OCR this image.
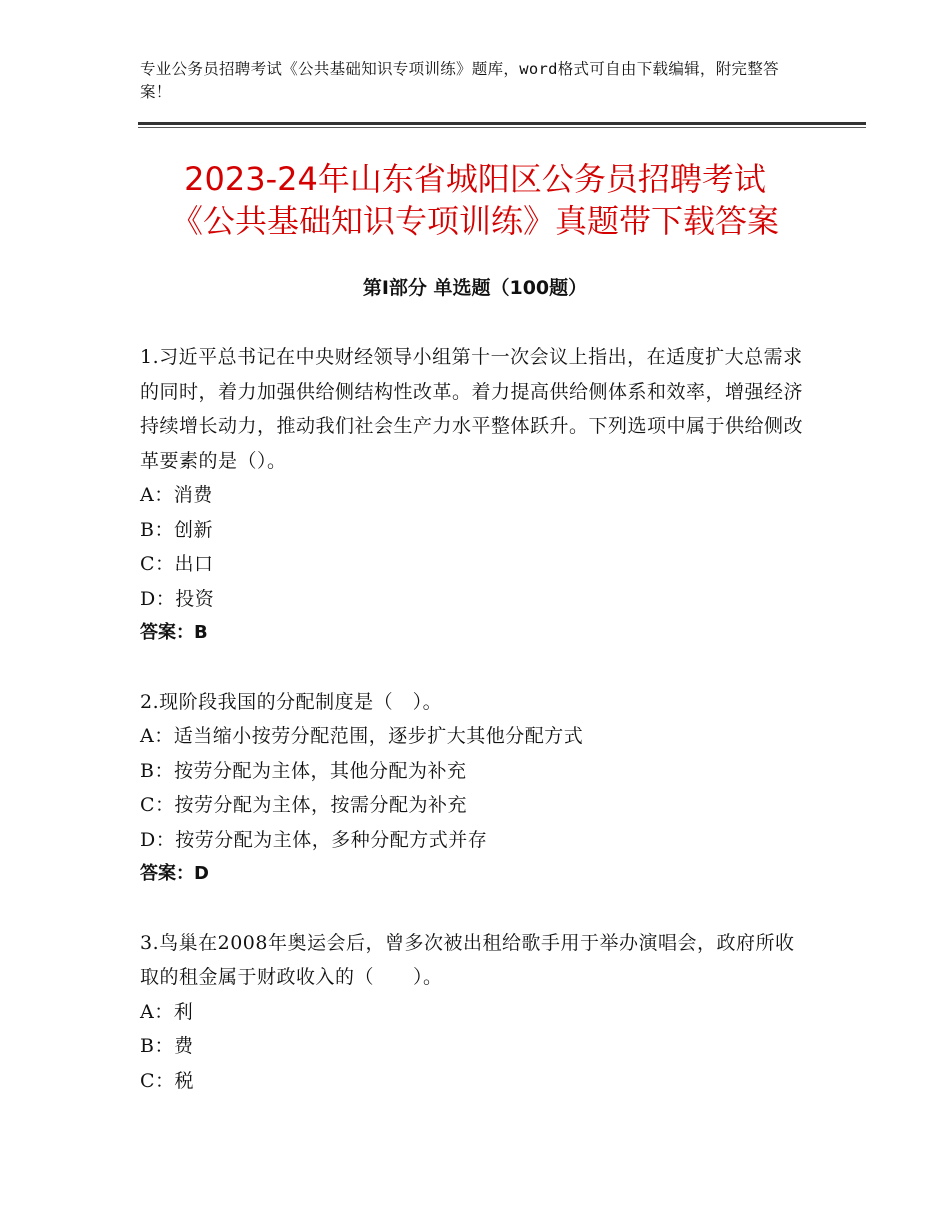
专业公务员招聘考试《公共基础知识专项训练》题库，word格式可自由下载编辑，附完整答案！
2023-24年山东省城阳区公务员招聘考试
《公共基础知识专项训练》真题带下载答案
第Ⅰ部分 单选题（100题）

1.习近平总书记在中央财经领导小组第十一次会议上指出，在适度扩大总需求的同时，着力加强供给侧结构性改革。着力提高供给侧体系和效率，增强经济持续增长动力，推动我们社会生产力水平整体跃升。下列选项中属于供给侧改革要素的是（）。

A：消费

B：创新

C：出口

D：投资

答案：B

2.现阶段我国的分配制度是（　）。

A：适当缩小按劳分配范围，逐步扩大其他分配方式

B：按劳分配为主体，其他分配为补充

C：按劳分配为主体，按需分配为补充

D：按劳分配为主体，多种分配方式并存

答案：D

3.鸟巢在2008年奥运会后，曾多次被出租给歌手用于举办演唱会，政府所收取的租金属于财政收入的（　　）。

A：利

B：费

C：税
